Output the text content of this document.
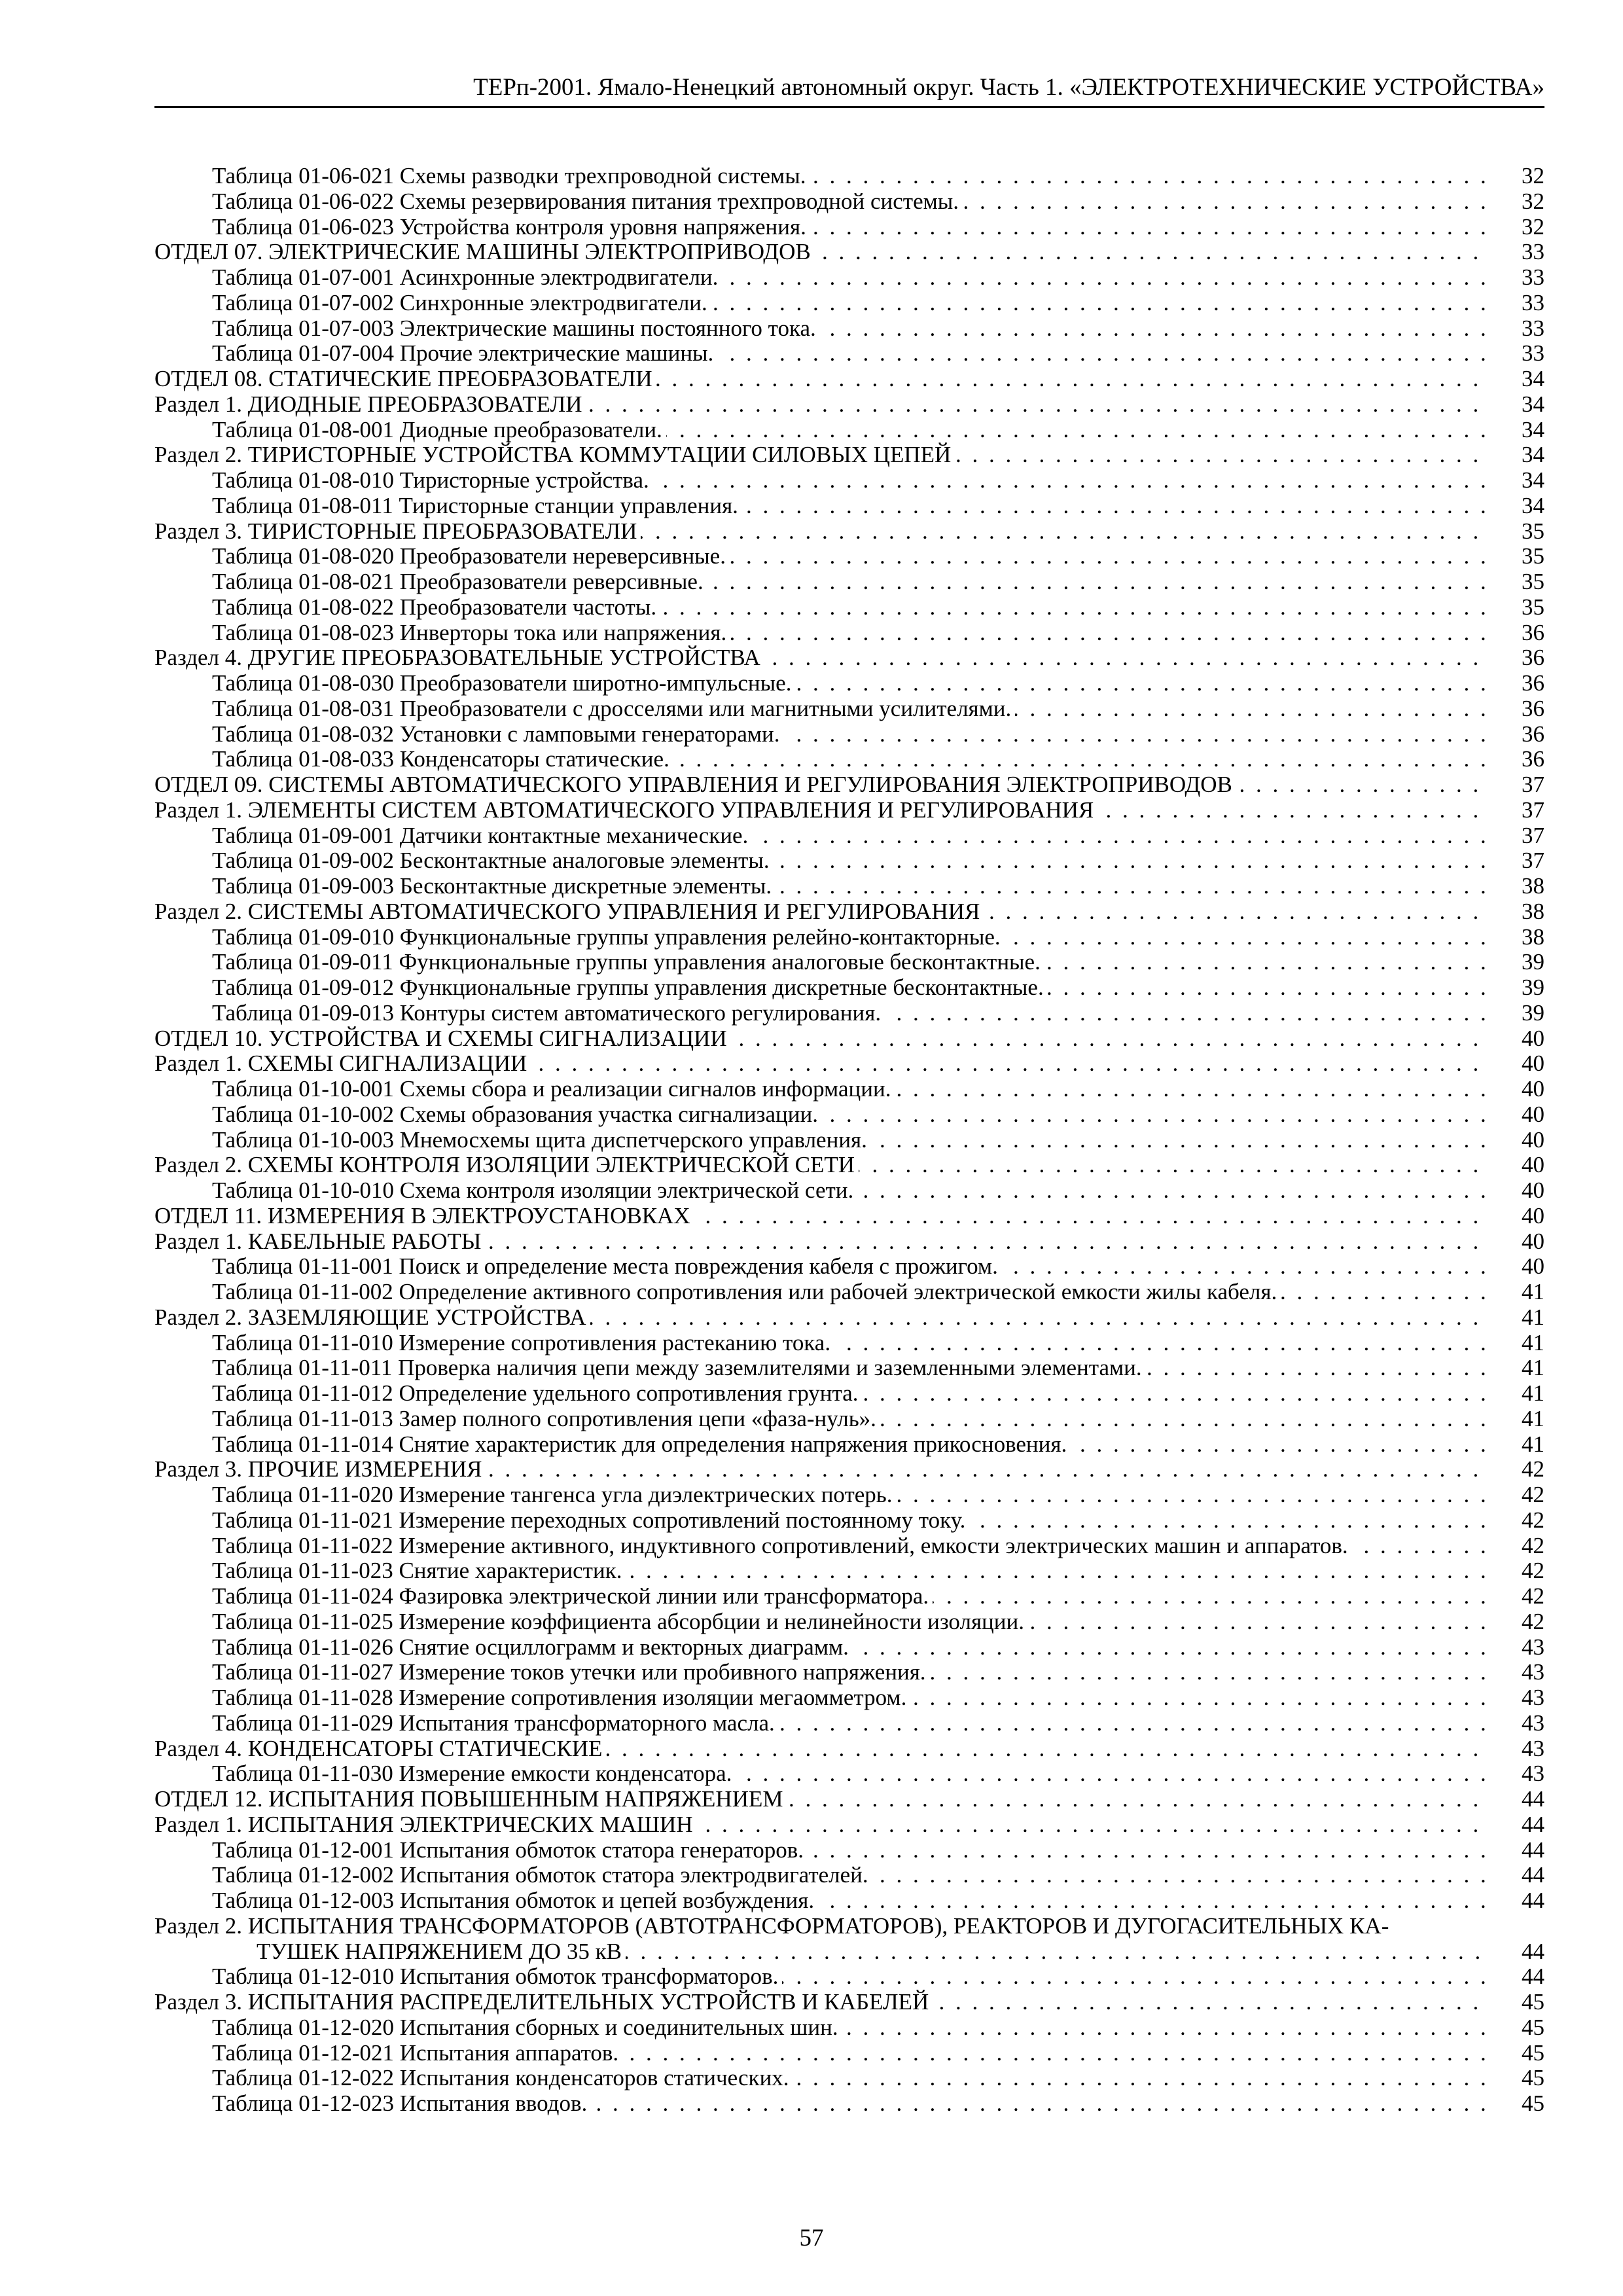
ТЕРп-2001. Ямало-Ненецкий автономный округ. Часть 1. «ЭЛЕКТРОТЕХНИЧЕСКИЕ УСТРОЙСТВА»
Таблица 01-06-021 Схемы разводки трехпроводной системы. . . .	32
Таблица 01-06-022 Схемы резервирования питания трехпроводной системы. . . .	32
Таблица 01-06-023 Устройства контроля уровня напряжения. . . .	32
ОТДЕЛ 07. ЭЛЕКТРИЧЕСКИЕ МАШИНЫ ЭЛЕКТРОПРИВОДОВ . . .	33
Таблица 01-07-001 Асинхронные электродвигатели. . . .	33
Таблица 01-07-002 Синхронные электродвигатели. . . .	33
Таблица 01-07-003 Электрические машины постоянного тока. . . .	33
Таблица 01-07-004 Прочие электрические машины. . . .	33
ОТДЕЛ 08. СТАТИЧЕСКИЕ ПРЕОБРАЗОВАТЕЛИ . . .	34
Раздел 1. ДИОДНЫЕ ПРЕОБРАЗОВАТЕЛИ . . .	34
Таблица 01-08-001 Диодные преобразователи. . . .	34
Раздел 2. ТИРИСТОРНЫЕ УСТРОЙСТВА КОММУТАЦИИ СИЛОВЫХ ЦЕПЕЙ . . .	34
Таблица 01-08-010 Тиристорные устройства. . . .	34
Таблица 01-08-011 Тиристорные станции управления. . . .	34
Раздел 3. ТИРИСТОРНЫЕ ПРЕОБРАЗОВАТЕЛИ . . .	35
Таблица 01-08-020 Преобразователи нереверсивные. . . .	35
Таблица 01-08-021 Преобразователи реверсивные. . . .	35
Таблица 01-08-022 Преобразователи частоты. . . .	35
Таблица 01-08-023 Инверторы тока или напряжения. . . .	36
Раздел 4. ДРУГИЕ ПРЕОБРАЗОВАТЕЛЬНЫЕ УСТРОЙСТВА . . .	36
Таблица 01-08-030 Преобразователи широтно-импульсные. . . .	36
Таблица 01-08-031 Преобразователи с дросселями или магнитными усилителями. . . .	36
Таблица 01-08-032 Установки с ламповыми генераторами. . . .	36
Таблица 01-08-033 Конденсаторы статические. . . .	36
ОТДЕЛ 09. СИСТЕМЫ АВТОМАТИЧЕСКОГО УПРАВЛЕНИЯ И РЕГУЛИРОВАНИЯ ЭЛЕКТРОПРИВОДОВ . . .	37
Раздел 1. ЭЛЕМЕНТЫ СИСТЕМ АВТОМАТИЧЕСКОГО УПРАВЛЕНИЯ И РЕГУЛИРОВАНИЯ . . .	37
Таблица 01-09-001 Датчики контактные механические. . . .	37
Таблица 01-09-002 Бесконтактные аналоговые элементы. . . .	37
Таблица 01-09-003 Бесконтактные дискретные элементы. . . .	38
Раздел 2. СИСТЕМЫ АВТОМАТИЧЕСКОГО УПРАВЛЕНИЯ И РЕГУЛИРОВАНИЯ . . .	38
Таблица 01-09-010 Функциональные группы управления релейно-контакторные. . . .	38
Таблица 01-09-011 Функциональные группы управления аналоговые бесконтактные. . . .	39
Таблица 01-09-012 Функциональные группы управления дискретные бесконтактные. . . .	39
Таблица 01-09-013 Контуры систем автоматического регулирования. . . .	39
ОТДЕЛ 10. УСТРОЙСТВА И СХЕМЫ СИГНАЛИЗАЦИИ . . .	40
Раздел 1. СХЕМЫ СИГНАЛИЗАЦИИ . . .	40
Таблица 01-10-001 Схемы сбора и реализации сигналов информации. . . .	40
Таблица 01-10-002 Схемы образования участка сигнализации. . . .	40
Таблица 01-10-003 Мнемосхемы щита диспетчерского управления. . . .	40
Раздел 2. СХЕМЫ КОНТРОЛЯ ИЗОЛЯЦИИ ЭЛЕКТРИЧЕСКОЙ СЕТИ . . .	40
Таблица 01-10-010 Схема контроля изоляции электрической сети. . . .	40
ОТДЕЛ 11. ИЗМЕРЕНИЯ В ЭЛЕКТРОУСТАНОВКАХ . . .	40
Раздел 1. КАБЕЛЬНЫЕ РАБОТЫ . . .	40
Таблица 01-11-001 Поиск и определение места повреждения кабеля с прожигом. . . .	40
Таблица 01-11-002 Определение активного сопротивления или рабочей электрической емкости жилы кабеля. . . .	41
Раздел 2. ЗАЗЕМЛЯЮЩИЕ УСТРОЙСТВА . . .	41
Таблица 01-11-010 Измерение сопротивления растеканию тока. . . .	41
Таблица 01-11-011 Проверка наличия цепи между заземлителями и заземленными элементами. . . .	41
Таблица 01-11-012 Определение удельного сопротивления грунта. . . .	41
Таблица 01-11-013 Замер полного сопротивления цепи «фаза-нуль». . . .	41
Таблица 01-11-014 Снятие характеристик для определения напряжения прикосновения. . . .	41
Раздел 3. ПРОЧИЕ ИЗМЕРЕНИЯ . . .	42
Таблица 01-11-020 Измерение тангенса угла диэлектрических потерь. . . .	42
Таблица 01-11-021 Измерение переходных сопротивлений постоянному току. . . .	42
Таблица 01-11-022 Измерение активного, индуктивного сопротивлений, емкости электрических машин и аппаратов. . . .	42
Таблица 01-11-023 Снятие характеристик. . . .	42
Таблица 01-11-024 Фазировка электрической линии или трансформатора. . . .	42
Таблица 01-11-025 Измерение коэффициента абсорбции и нелинейности изоляции. . . .	42
Таблица 01-11-026 Снятие осциллограмм и векторных диаграмм. . . .	43
Таблица 01-11-027 Измерение токов утечки или пробивного напряжения. . . .	43
Таблица 01-11-028 Измерение сопротивления изоляции мегаомметром. . . .	43
Таблица 01-11-029 Испытания трансформаторного масла. . . .	43
Раздел 4. КОНДЕНСАТОРЫ СТАТИЧЕСКИЕ . . .	43
Таблица 01-11-030 Измерение емкости конденсатора. . . .	43
ОТДЕЛ 12. ИСПЫТАНИЯ ПОВЫШЕННЫМ НАПРЯЖЕНИЕМ . . .	44
Раздел 1. ИСПЫТАНИЯ ЭЛЕКТРИЧЕСКИХ МАШИН . . .	44
Таблица 01-12-001 Испытания обмоток статора генераторов. . . .	44
Таблица 01-12-002 Испытания обмоток статора электродвигателей. . . .	44
Таблица 01-12-003 Испытания обмоток и цепей возбуждения. . . .	44
Раздел 2. ИСПЫТАНИЯ ТРАНСФОРМАТОРОВ (АВТОТРАНСФОРМАТОРОВ), РЕАКТОРОВ И ДУГОГАСИТЕЛЬНЫХ КА-
ТУШЕК НАПРЯЖЕНИЕМ ДО 35 кВ . . .	44
Таблица 01-12-010 Испытания обмоток трансформаторов. . . .	44
Раздел 3. ИСПЫТАНИЯ РАСПРЕДЕЛИТЕЛЬНЫХ УСТРОЙСТВ И КАБЕЛЕЙ . . .	45
Таблица 01-12-020 Испытания сборных и соединительных шин. . . .	45
Таблица 01-12-021 Испытания аппаратов. . . .	45
Таблица 01-12-022 Испытания конденсаторов статических. . . .	45
Таблица 01-12-023 Испытания вводов. . . .	45
57
